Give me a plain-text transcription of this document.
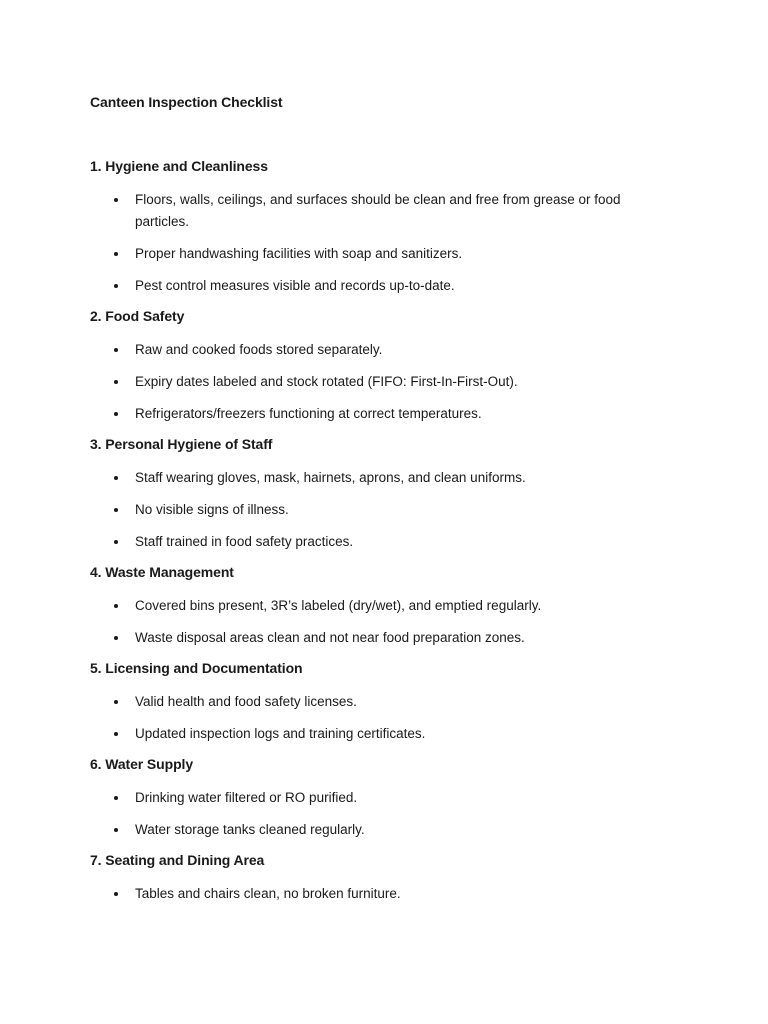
Canteen Inspection Checklist
1. Hygiene and Cleanliness
Floors, walls, ceilings, and surfaces should be clean and free from grease or food particles.
Proper handwashing facilities with soap and sanitizers.
Pest control measures visible and records up-to-date.
2. Food Safety
Raw and cooked foods stored separately.
Expiry dates labeled and stock rotated (FIFO: First-In-First-Out).
Refrigerators/freezers functioning at correct temperatures.
3. Personal Hygiene of Staff
Staff wearing gloves, mask, hairnets, aprons, and clean uniforms.
No visible signs of illness.
Staff trained in food safety practices.
4. Waste Management
Covered bins present, 3R’s labeled (dry/wet), and emptied regularly.
Waste disposal areas clean and not near food preparation zones.
5. Licensing and Documentation
Valid health and food safety licenses.
Updated inspection logs and training certificates.
6. Water Supply
Drinking water filtered or RO purified.
Water storage tanks cleaned regularly.
7. Seating and Dining Area
Tables and chairs clean, no broken furniture.
